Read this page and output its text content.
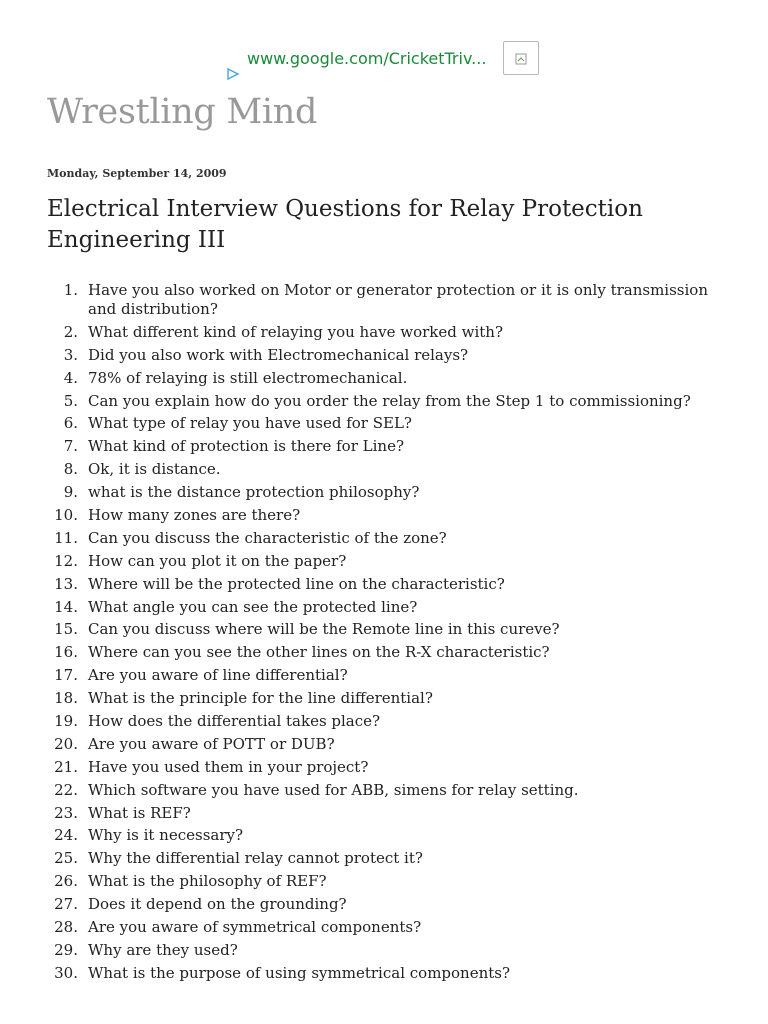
www.google.com/CricketTriv...
Wrestling Mind
Monday, September 14, 2009
Electrical Interview Questions for Relay Protection Engineering III
1. Have you also worked on Motor or generator protection or it is only transmission and distribution?
2. What different kind of relaying you have worked with?
3. Did you also work with Electromechanical relays?
4. 78% of relaying is still electromechanical.
5. Can you explain how do you order the relay from the Step 1 to commissioning?
6. What type of relay you have used for SEL?
7. What kind of protection is there for Line?
8. Ok, it is distance.
9. what is the distance protection philosophy?
10. How many zones are there?
11. Can you discuss the characteristic of the zone?
12. How can you plot it on the paper?
13. Where will be the protected line on the characteristic?
14. What angle you can see the protected line?
15. Can you discuss where will be the Remote line in this cureve?
16. Where can you see the other lines on the R-X characteristic?
17. Are you aware of line differential?
18. What is the principle for the line differential?
19. How does the differential takes place?
20. Are you aware of POTT or DUB?
21. Have you used them in your project?
22. Which software you have used for ABB, simens for relay setting.
23. What is REF?
24. Why is it necessary?
25. Why the differential relay cannot protect it?
26. What is the philosophy of REF?
27. Does it depend on the grounding?
28. Are you aware of symmetrical components?
29. Why are they used?
30. What is the purpose of using symmetrical components?
